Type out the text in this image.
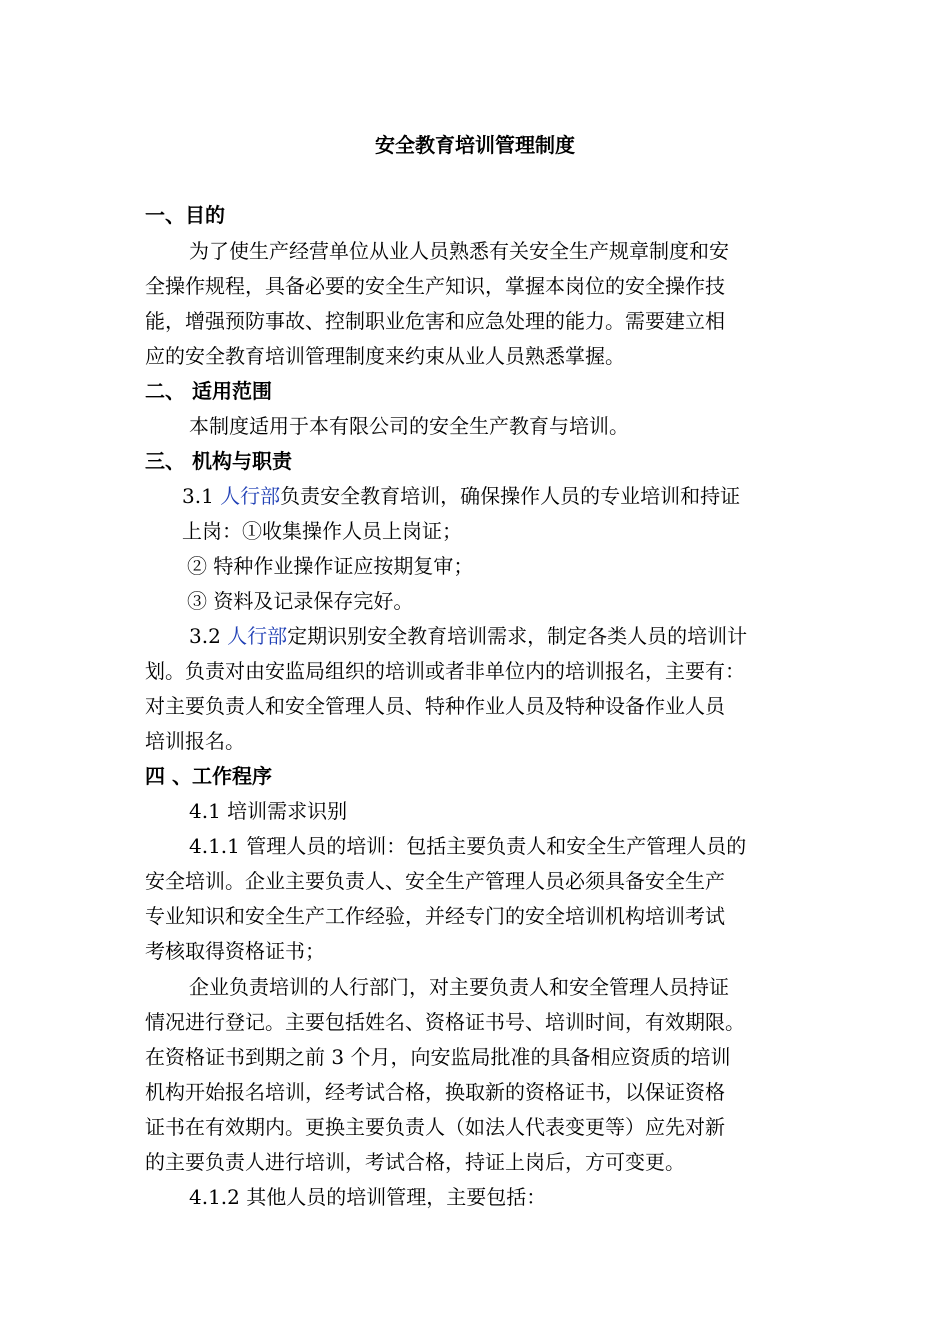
安全教育培训管理制度
一、目的
为了使生产经营单位从业人员熟悉有关安全生产规章制度和安
全操作规程，具备必要的安全生产知识，掌握本岗位的安全操作技
能，增强预防事故、控制职业危害和应急处理的能力。需要建立相
应的安全教育培训管理制度来约束从业人员熟悉掌握。
二、 适用范围
本制度适用于本有限公司的安全生产教育与培训。
三、 机构与职责
3.1 人行部负责安全教育培训，确保操作人员的专业培训和持证
上岗：①收集操作人员上岗证；
② 特种作业操作证应按期复审；
③ 资料及记录保存完好。
3.2 人行部定期识别安全教育培训需求，制定各类人员的培训计
划。负责对由安监局组织的培训或者非单位内的培训报名，主要有：
对主要负责人和安全管理人员、特种作业人员及特种设备作业人员
培训报名。
四 、工作程序
4.1 培训需求识别
4.1.1 管理人员的培训：包括主要负责人和安全生产管理人员的
安全培训。企业主要负责人、安全生产管理人员必须具备安全生产
专业知识和安全生产工作经验，并经专门的安全培训机构培训考试
考核取得资格证书；
企业负责培训的人行部门，对主要负责人和安全管理人员持证
情况进行登记。主要包括姓名、资格证书号、培训时间，有效期限。
在资格证书到期之前 3 个月，向安监局批准的具备相应资质的培训
机构开始报名培训，经考试合格，换取新的资格证书，以保证资格
证书在有效期内。更换主要负责人（如法人代表变更等）应先对新
的主要负责人进行培训，考试合格，持证上岗后，方可变更。
4.1.2 其他人员的培训管理，主要包括：
